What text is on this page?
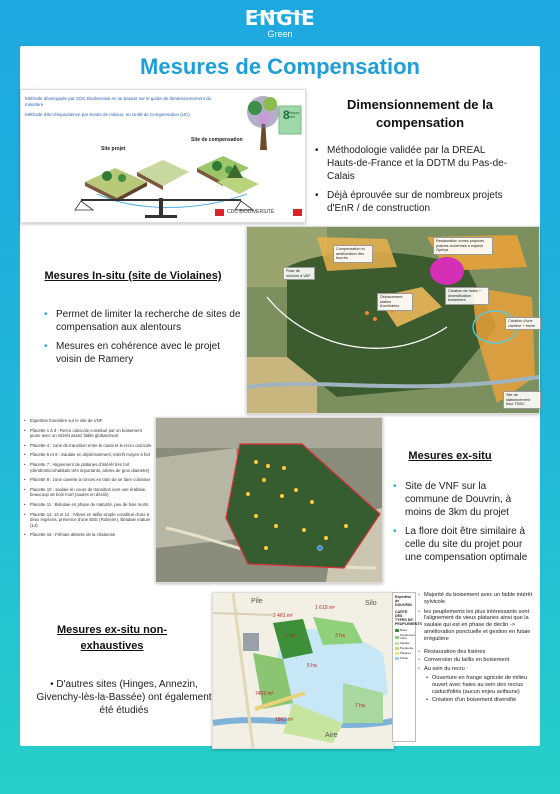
ENGIE
Green
Mesures de Compensation
Méthode développée par CDC Biodiversité en se basant sur le guide de dimensionnement du ministère
Méthode d'ite d'équivalence par écarts de milieux, en Unité de Compensation (UC)	8 étapes clés
Site projet
Site de compensation
CDC BIODIVERSITÉ
Dimensionnement de la compensation
• Méthodologie validée par la DREAL Hauts-de-France et la DDTM du Pas-de-Calais
• Déjà éprouvée sur de nombreux projets d'EnR / de construction
Mesures In-situ (site de Violaines)
• Permet de limiter la recherche de sites de compensation aux alentours
• Mesures en cohérence avec le projet voisin de Ramery
Compensation et amélioration des fourrés
Restauration zones propices prairies anciennes à espèce Ophrys
Pose de nichoirs à VAF
Déplacement station d'orchidées
Création de haies + diversification boisement
Création d'une clairière + friche
Site de stationnement futur TEBC
• Expertise forestière sur le site de VNF
• Placette 1 à 3 : Recru calcicole constitué par un boisement jeune avec un intérêt assez faible globalement
• Placette 4 : zone de transition entre le canal et le recru calcicole
• Placette 5 et 9 : Saulaie en dépérissement, intérêt moyen à fort
• Placette 7 : Alignement de platanes d'intérêt très fort (dendromicrohabitats très importants, arbres de gros diamètre)
• Placette 8 : zone ouverte à ronces en train de se faire coloniser
• Placette 10 : saulaie en cours de transition vers une érablaie, beaucoup de bois mort (saules en déclin)
• Placette 11 : Bétulaie en phase de maturité, peu de bois morts
• Placette 12, 13 et 14 : Arbres en taillis simple constitué d'une à deux espèces, présence d'une EEE (Robinier), Bétulaie mature (14)
• Placette 15 : Frênaie atteinte de la chalarose
Mesures ex-situ
• Site de VNF sur la commune de Douvrin, à moins de 3km du projet
• La flore doit être similaire à celle du site du projet pour une compensation optimale
Mesures ex-situ non-exhaustives
• D'autres sites (Hinges, Annezin, Givenchy-lès-la-Bassée) ont également été étudiés
5 ha
3 ha
7 ha
2 ha
7402 m²
1860 m²
2 461 m²
1 619 m²
Pile	Silo
Aire
Expertise de DOUVRIN
CARTE DES TYPES DE PEUPLEMENTS
Boisé
Peuplement mixte
Saulaie
Peupleraie
Platanes
Prairie
▫ Majorité du boisement avec un faible intérêt sylvicole
▫ les peuplements les plus intéressants sont l'alignement de vieux platanes ainsi que la saulaie qui est en phase de déclin -> amélioration ponctuelle et gestion en futaie irrégulière
▫ Restauration des lisières
▫ Conversion du taillis en boisement
▫ Au sein du recru :
• Ouverture en frange agricole de milieu ouvert avec haies au sein des recrus caducifoliés (aucun enjeu avifaune)
• Création d'un boisement diversifié
